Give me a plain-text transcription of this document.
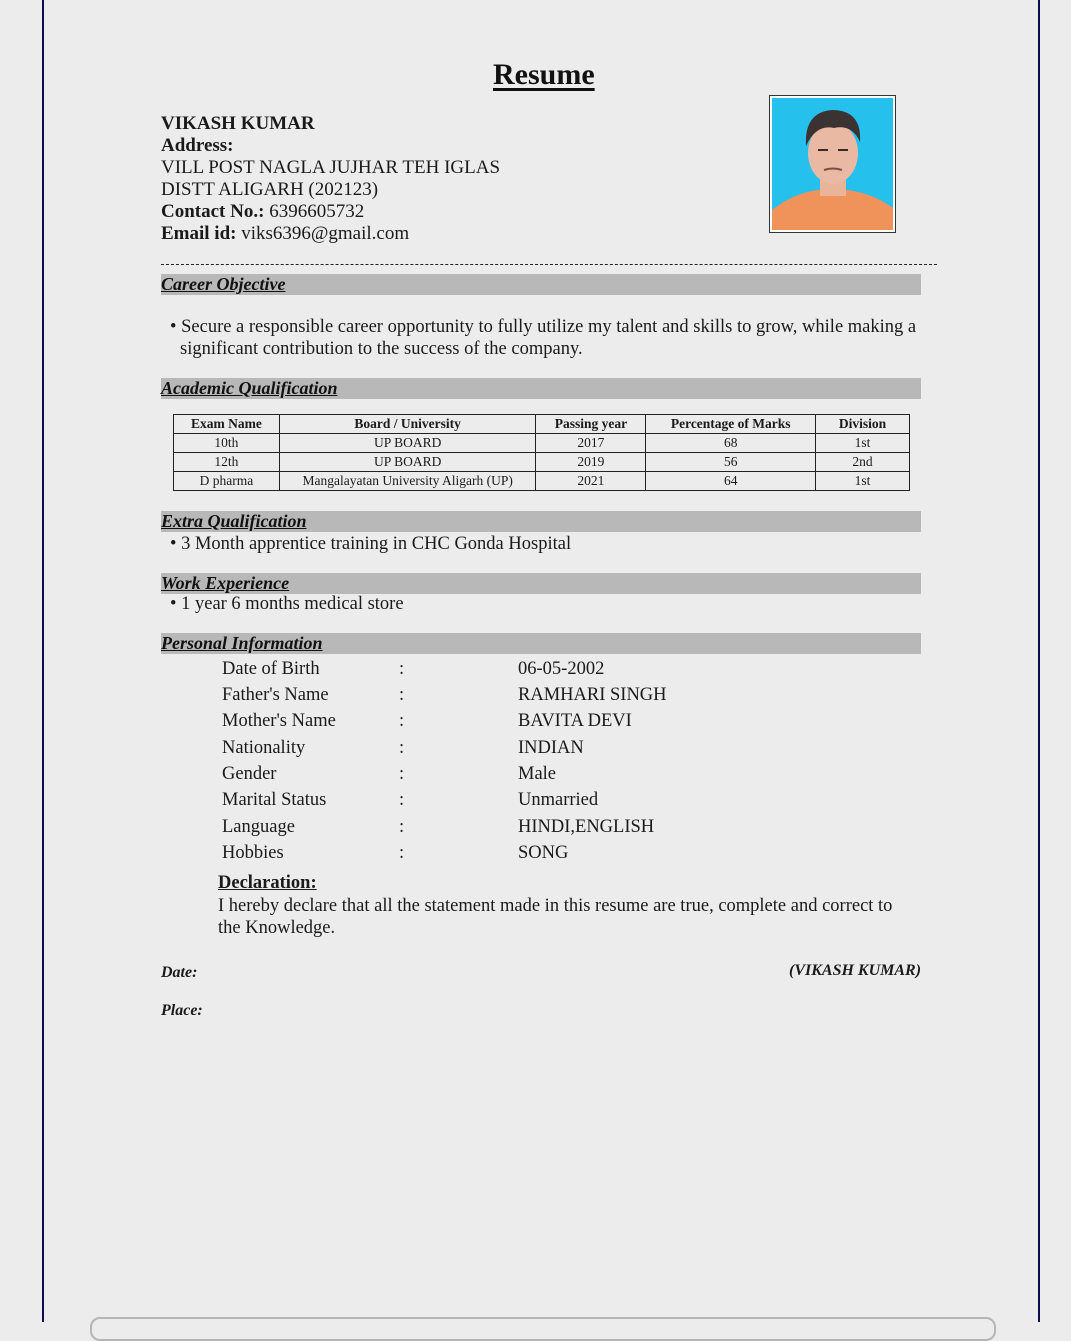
Resume
VIKASH KUMAR
Address:
VILL POST NAGLA JUJHAR TEH IGLAS
DISTT ALIGARH (202123)
Contact No.: 6396605732
Email id: viks6396@gmail.com
Career Objective
• Secure a responsible career opportunity to fully utilize my talent and skills to grow, while making a
significant contribution to the success of the company.
Academic Qualification
Exam Name	Board / University	Passing year	Percentage of Marks	Division
10th	UP BOARD	2017	68	1st
12th	UP BOARD	2019	56	2nd
D pharma	Mangalayatan University Aligarh (UP)	2021	64	1st
Extra Qualification
• 3 Month apprentice training in CHC Gonda Hospital
Work Experience
• 1 year 6 months medical store
Personal Information
Date of Birth	:	06-05-2002
Father's Name	:	RAMHARI SINGH
Mother's Name	:	BAVITA DEVI
Nationality	:	INDIAN
Gender	:	Male
Marital Status	:	Unmarried
Language	:	HINDI,ENGLISH
Hobbies	:	SONG
Declaration:
I hereby declare that all the statement made in this resume are true, complete and correct to
the Knowledge.
Date:	(VIKASH KUMAR)
Place:
